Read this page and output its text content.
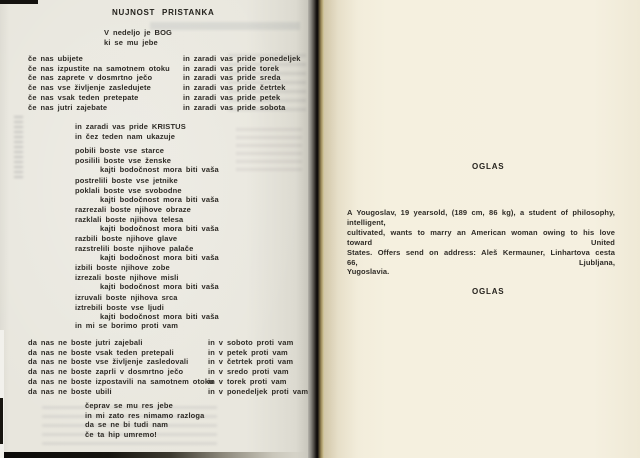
NUJNOST PRISTANKA
V nedeljo je BOG
ki se mu jebe
če nas ubijete
če nas izpustite na samotnem otoku
če nas zaprete v dosmrtno ječo
če nas vse življenje zasledujete
če nas vsak teden pretepate
če nas jutri zajebate
in zaradi vas pride ponedeljek
in zaradi vas pride torek
in zaradi vas pride sreda
in zaradi vas pride četrtek
in zaradi vas pride petek
in zaradi vas pride sobota
in zaradi vas pride KRISTUS
in čez teden nam ukazuje
pobili boste vse starce
posilili boste vse ženske
kajti bodočnost mora biti vaša
postrelili boste vse jetnike
poklali boste vse svobodne
kajti bodočnost mora biti vaša
razrezali boste njihove obraze
razklali boste njihova telesa
kajti bodočnost mora biti vaša
razbili boste njihove glave
razstrelili boste njihove palače
kajti bodočnost mora biti vaša
izbili boste njihove zobe
izrezali boste njihove misli
kajti bodočnost mora biti vaša
izruvali boste njihova srca
iztrebili boste vse ljudi
kajti bodočnost mora biti vaša
in mi se borimo proti vam
da nas ne boste jutri zajebali
da nas ne boste vsak teden pretepali
da nas ne boste vse življenje zasledovali
da nas ne boste zaprli v dosmrtno ječo
da nas ne boste izpostavili na samotnem otoku
da nas ne boste ubili
in v soboto proti vam
in v petek proti vam
in v četrtek proti vam
in v sredo proti vam
in v torek proti vam
in v ponedeljek proti vam
čeprav se mu res jebe
in mi zato res nimamo razloga
da se ne bi tudi nam
če ta hip umremo!
OGLAS
A Yougoslav, 19 yearsold, (189 cm, 86 kg), a student of philosophy, intelligent,
cultivated, wants to marry an American woman owing to his love toward United
States. Offers send on address: Aleš Kermauner, Linhartova cesta 66, Ljubljana,
Yugoslavia.
OGLAS
